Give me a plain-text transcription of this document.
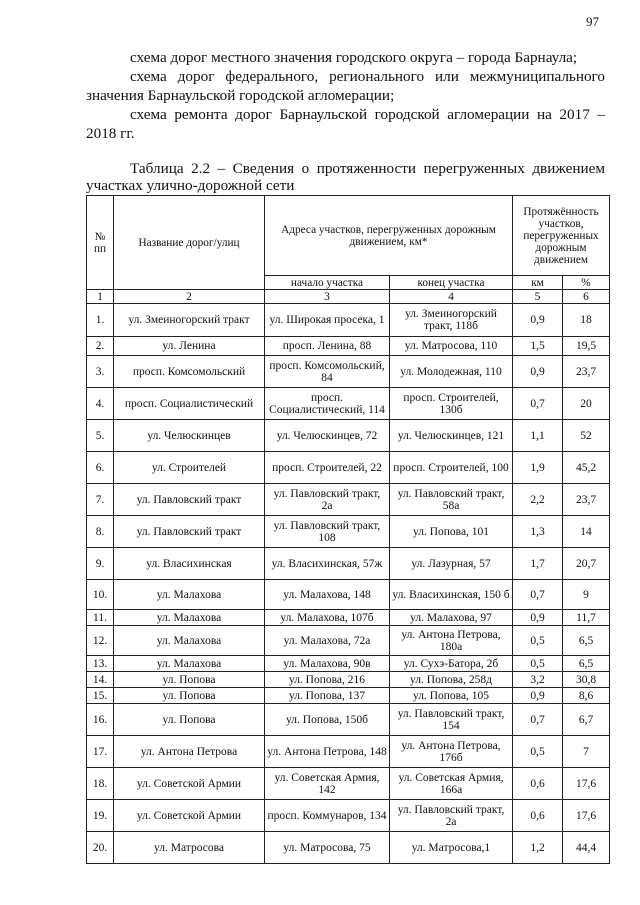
97

схема дорог местного значения городского округа – города Барнаула;

схема дорог федерального, регионального или межмуниципального значения Барнаульской городской агломерации;

схема ремонта дорог Барнаульской городской агломерации на 2017 – 2018 гг.

Таблица 2.2 – Сведения о протяженности перегруженных движением участках улично-дорожной сети
№ пп	Название дорог/улиц	Адреса участков, перегруженных дорожным движением, км*		Протяжённость участков, перегруженных дорожным движением	
		начало участка	конец участка	км	%
1	2	3	4	5	6
1.	ул. Змеиногорский тракт	ул. Широкая просека, 1	ул. Змеиногорский тракт, 118б	0,9	18
2.	ул. Ленина	просп. Ленина, 88	ул. Матросова, 110	1,5	19,5
3.	просп. Комсомольский	просп. Комсомольский, 84	ул. Молодежная, 110	0,9	23,7
4.	просп. Социалистический	просп. Социалистический, 114	просп. Строителей, 130б	0,7	20
5.	ул. Челюскинцев	ул. Челюскинцев, 72	ул. Челюскинцев, 121	1,1	52
6.	ул. Строителей	просп. Строителей, 22	просп. Строителей, 100	1,9	45,2
7.	ул. Павловский тракт	ул. Павловский тракт, 2а	ул. Павловский тракт, 58а	2,2	23,7
8.	ул. Павловский тракт	ул. Павловский тракт, 108	ул. Попова, 101	1,3	14
9.	ул. Власихинская	ул. Власихинская, 57ж	ул. Лазурная, 57	1,7	20,7
10.	ул. Малахова	ул. Малахова, 148	ул. Власихинская, 150 б	0,7	9
11.	ул. Малахова	ул. Малахова, 107б	ул. Малахова, 97	0,9	11,7
12.	ул. Малахова	ул. Малахова, 72а	ул. Антона Петрова, 180а	0,5	6,5
13.	ул. Малахова	ул. Малахова, 90в	ул. Сухэ-Батора, 2б	0,5	6,5
14.	ул. Попова	ул. Попова, 216	ул. Попова, 258д	3,2	30,8
15.	ул. Попова	ул. Попова, 137	ул. Попова, 105	0,9	8,6
16.	ул. Попова	ул. Попова, 150б	ул. Павловский тракт, 154	0,7	6,7
17.	ул. Антона Петрова	ул. Антона Петрова, 148	ул. Антона Петрова, 176б	0,5	7
18.	ул. Советской Армии	ул. Советская Армия, 142	ул. Советская Армия, 166а	0,6	17,6
19.	ул. Советской Армии	просп. Коммунаров, 134	ул. Павловский тракт, 2а	0,6	17,6
20.	ул. Матросова	ул. Матросова, 75	ул. Матросова,1	1,2	44,4
